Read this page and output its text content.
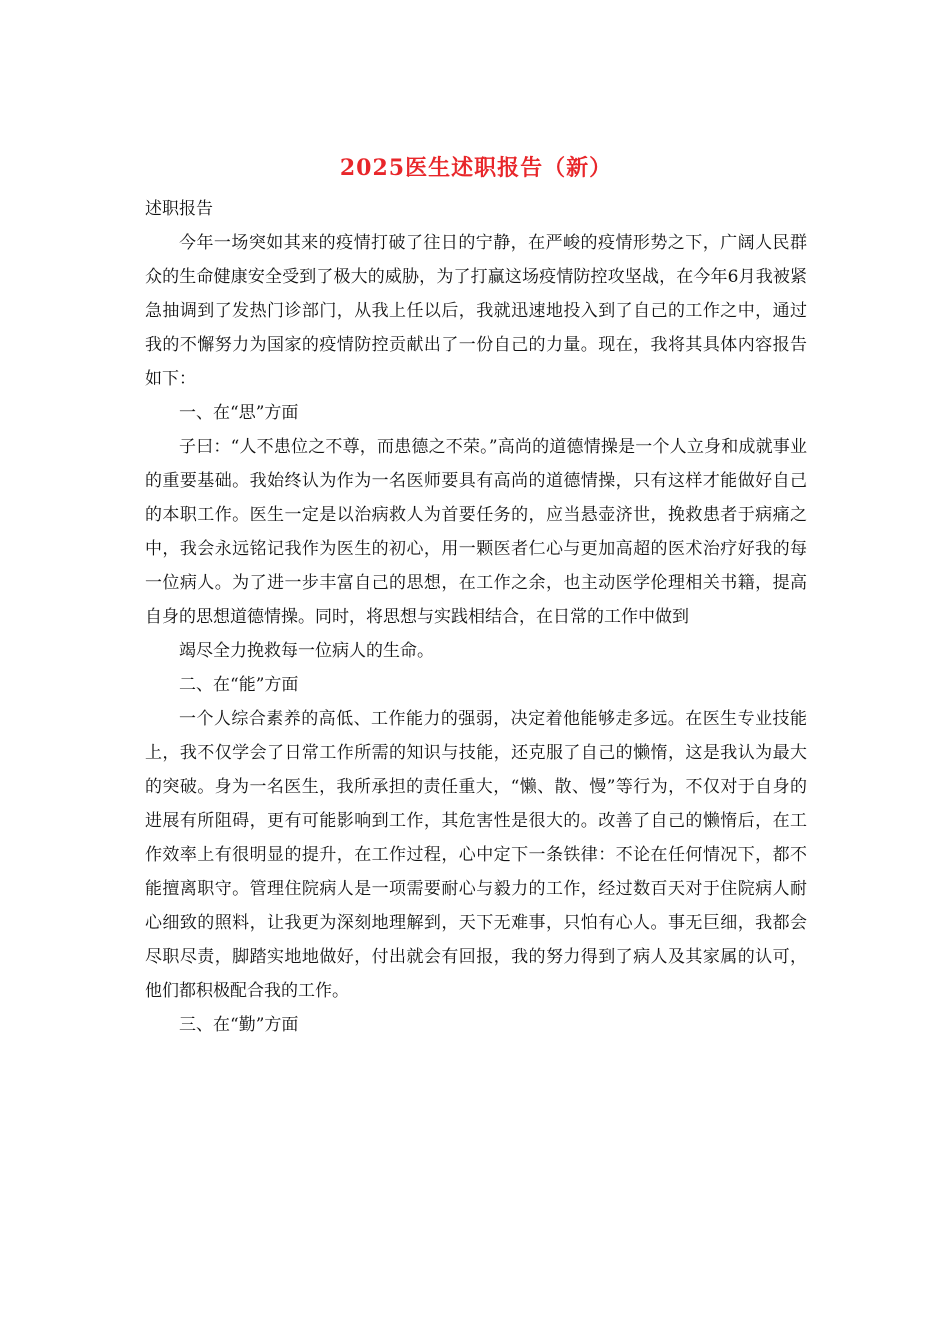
2025医生述职报告（新）

述职报告

今年一场突如其来的疫情打破了往日的宁静，在严峻的疫情形势之下，广阔人民群众的生命健康安全受到了极大的威胁，为了打赢这场疫情防控攻坚战，在今年6月我被紧急抽调到了发热门诊部门，从我上任以后，我就迅速地投入到了自己的工作之中，通过我的不懈努力为国家的疫情防控贡献出了一份自己的力量。现在，我将其具体内容报告如下：

一、在“思”方面

子曰：“人不患位之不尊，而患德之不荣。”高尚的道德情操是一个人立身和成就事业的重要基础。我始终认为作为一名医师要具有高尚的道德情操，只有这样才能做好自己的本职工作。医生一定是以治病救人为首要任务的，应当悬壶济世，挽救患者于病痛之中，我会永远铭记我作为医生的初心，用一颗医者仁心与更加高超的医术治疗好我的每一位病人。为了进一步丰富自己的思想，在工作之余，也主动医学伦理相关书籍，提高自身的思想道德情操。同时，将思想与实践相结合，在日常的工作中做到

竭尽全力挽救每一位病人的生命。

二、在“能”方面

一个人综合素养的高低、工作能力的强弱，决定着他能够走多远。在医生专业技能上，我不仅学会了日常工作所需的知识与技能，还克服了自己的懒惰，这是我认为最大的突破。身为一名医生，我所承担的责任重大，“懒、散、慢”等行为，不仅对于自身的进展有所阻碍，更有可能影响到工作，其危害性是很大的。改善了自己的懒惰后，在工作效率上有很明显的提升，在工作过程，心中定下一条铁律：不论在任何情况下，都不能擅离职守。管理住院病人是一项需要耐心与毅力的工作，经过数百天对于住院病人耐心细致的照料，让我更为深刻地理解到，天下无难事，只怕有心人。事无巨细，我都会尽职尽责，脚踏实地地做好，付出就会有回报，我的努力得到了病人及其家属的认可，他们都积极配合我的工作。

三、在“勤”方面
